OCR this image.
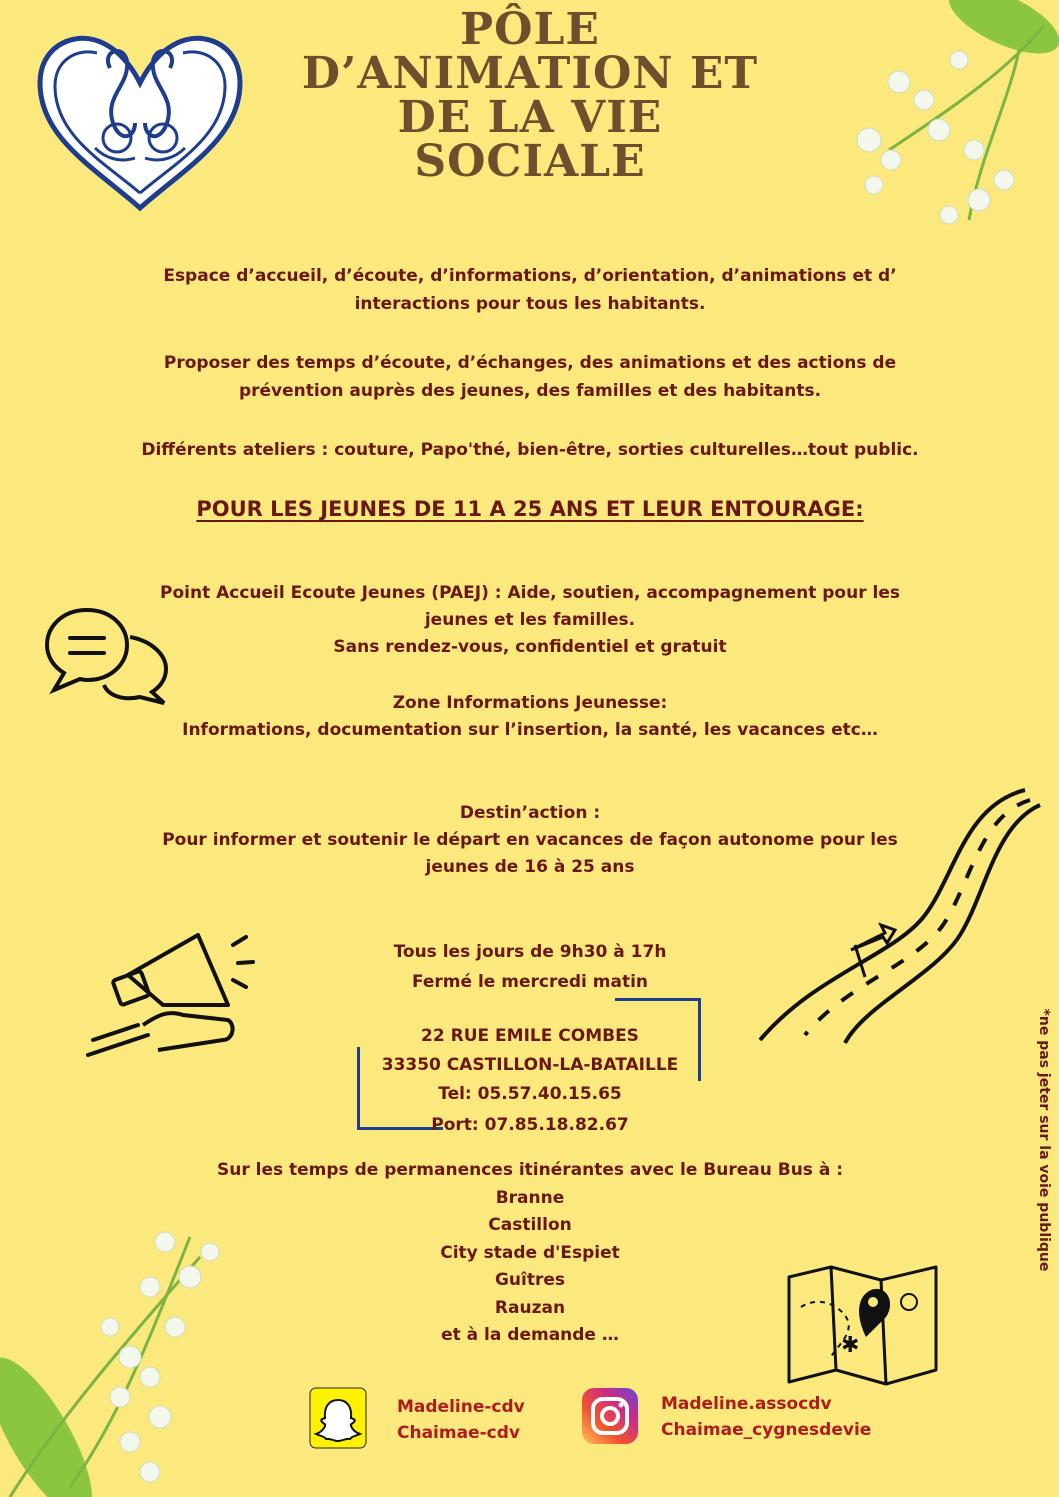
PÔLE
D’ANIMATION ET
DE LA VIE
SOCIALE
Espace d’accueil, d’écoute, d’informations, d’orientation, d’animations et d’
interactions pour tous les habitants.
Proposer des temps d’écoute, d’échanges, des animations et des actions de
prévention auprès des jeunes, des familles et des habitants.
Différents ateliers : couture, Papo'thé, bien-être, sorties culturelles…tout public.
POUR LES JEUNES DE 11 A 25 ANS ET LEUR ENTOURAGE:
Point Accueil Ecoute Jeunes (PAEJ) : Aide, soutien, accompagnement pour les
jeunes et les familles.
Sans rendez-vous, confidentiel et gratuit
Zone Informations Jeunesse:
Informations, documentation sur l’insertion, la santé, les vacances etc…
Destin’action :
Pour informer et soutenir le départ en vacances de façon autonome pour les
jeunes de 16 à 25 ans
Tous les jours de 9h30 à 17h
Fermé le mercredi matin
22 RUE EMILE COMBES
33350 CASTILLON-LA-BATAILLE
Tel: 05.57.40.15.65
Port: 07.85.18.82.67
Sur les temps de permanences itinérantes avec le Bureau Bus à :
Branne
Castillon
City stade d'Espiet
Guîtres
Rauzan
et à la demande …	✱
Madeline-cdv
Chaimae-cdv
Madeline.assocdv
Chaimae_cygnesdevie
*ne pas jeter sur la voie publique
